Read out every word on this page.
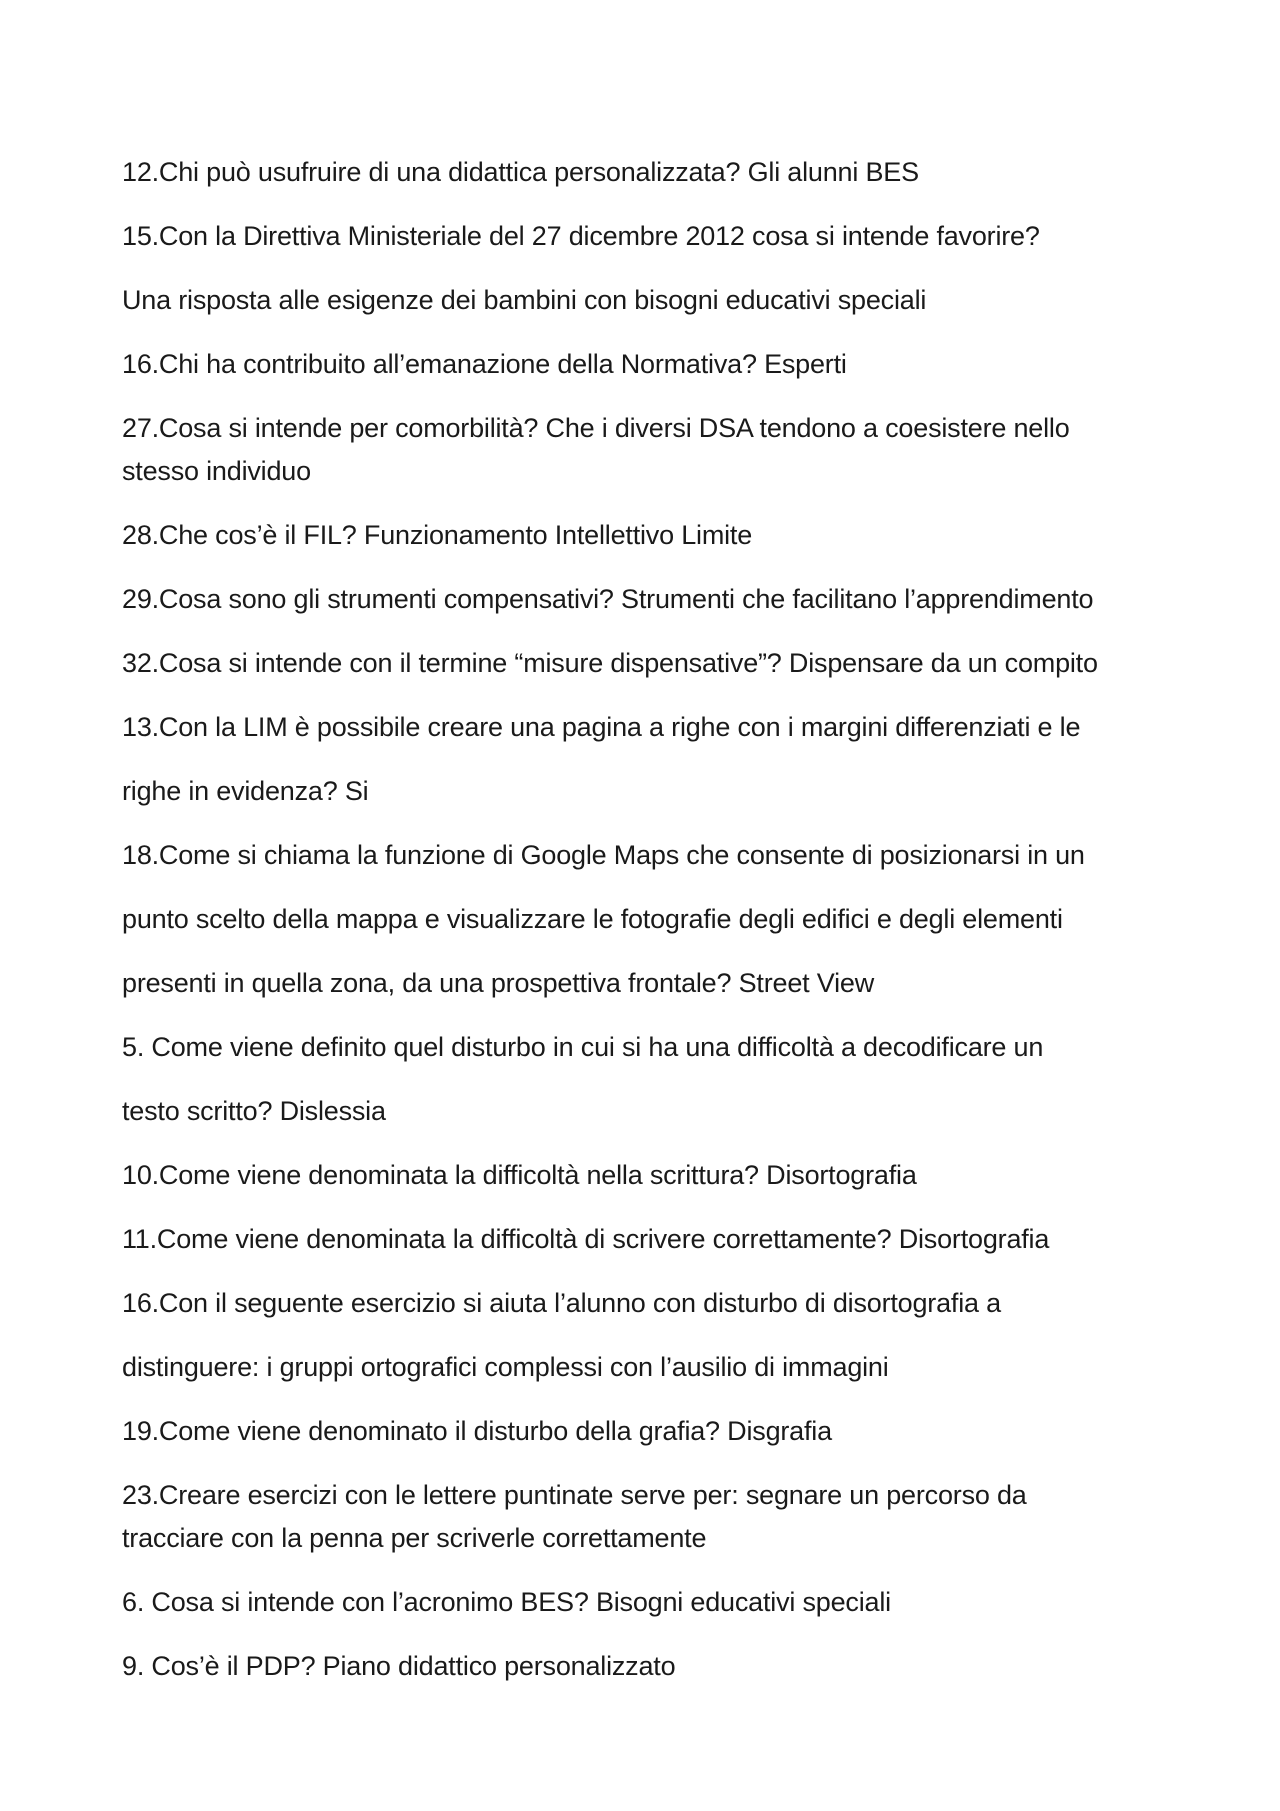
12.Chi può usufruire di una didattica personalizzata? Gli alunni BES

15.Con la Direttiva Ministeriale del 27 dicembre 2012 cosa si intende favorire?

Una risposta alle esigenze dei bambini con bisogni educativi speciali

16.Chi ha contribuito all’emanazione della Normativa? Esperti

27.Cosa si intende per comorbilità? Che i diversi DSA tendono a coesistere nello

stesso individuo

28.Che cos’è il FIL? Funzionamento Intellettivo Limite

29.Cosa sono gli strumenti compensativi? Strumenti che facilitano l’apprendimento

32.Cosa si intende con il termine “misure dispensative”? Dispensare da un compito

13.Con la LIM è possibile creare una pagina a righe con i margini differenziati e le

righe in evidenza? Si

18.Come si chiama la funzione di Google Maps che consente di posizionarsi in un

punto scelto della mappa e visualizzare le fotografie degli edifici e degli elementi

presenti in quella zona, da una prospettiva frontale? Street View

5. Come viene definito quel disturbo in cui si ha una difficoltà a decodificare un

testo scritto? Dislessia

10.Come viene denominata la difficoltà nella scrittura? Disortografia

11.Come viene denominata la difficoltà di scrivere correttamente? Disortografia

16.Con il seguente esercizio si aiuta l’alunno con disturbo di disortografia a

distinguere: i gruppi ortografici complessi con l’ausilio di immagini

19.Come viene denominato il disturbo della grafia? Disgrafia

23.Creare esercizi con le lettere puntinate serve per: segnare un percorso da

tracciare con la penna per scriverle correttamente

6. Cosa si intende con l’acronimo BES? Bisogni educativi speciali

9. Cos’è il PDP? Piano didattico personalizzato
